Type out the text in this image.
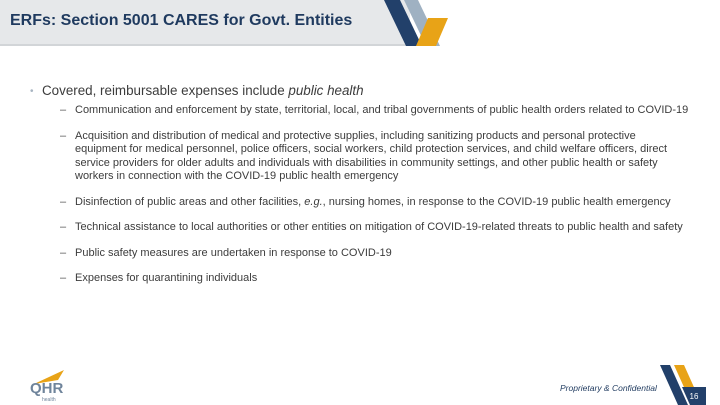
ERFs: Section 5001 CARES for Govt. Entities
• Covered, reimbursable expenses include public health
– Communication and enforcement by state, territorial, local, and tribal governments of public health orders related to COVID-19
– Acquisition and distribution of medical and protective supplies, including sanitizing products and personal protective equipment for medical personnel, police officers, social workers, child protection services, and child welfare officers, direct service providers for older adults and individuals with disabilities in community settings, and other public health or safety workers in connection with the COVID-19 public health emergency
– Disinfection of public areas and other facilities, e.g., nursing homes, in response to the COVID-19 public health emergency
– Technical assistance to local authorities or other entities on mitigation of COVID-19-related threats to public health and safety
– Public safety measures are undertaken in response to COVID-19
– Expenses for quarantining individuals
QHR
health
Proprietary & Confidential
16
